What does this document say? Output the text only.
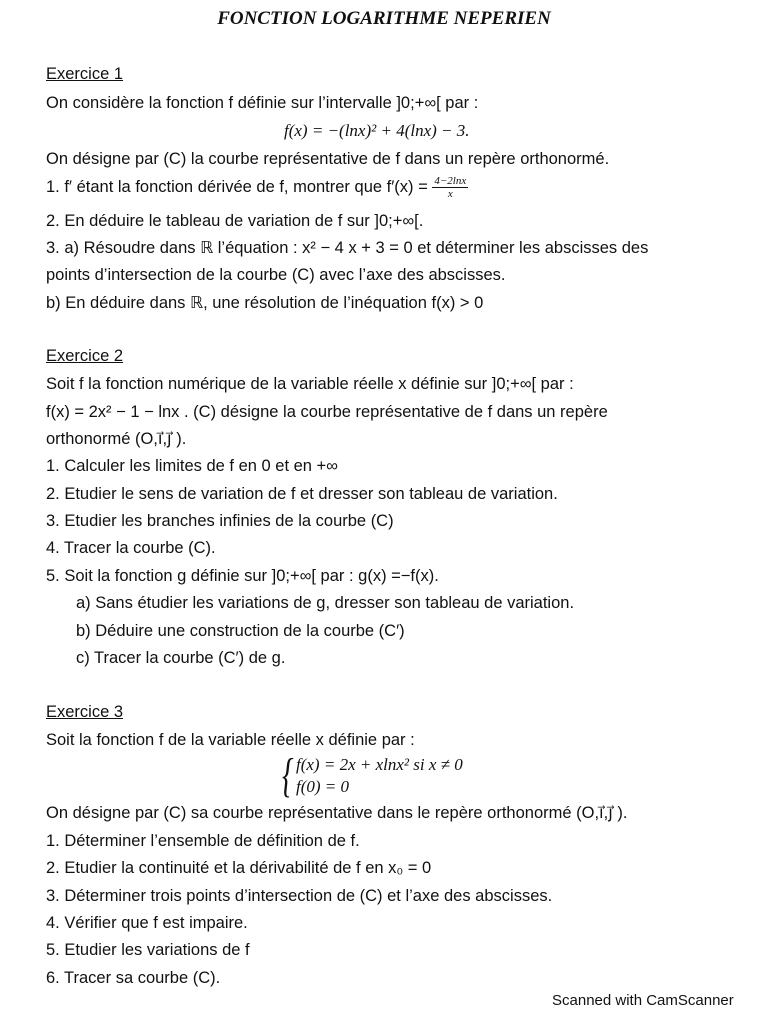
FONCTION LOGARITHME NEPERIEN
Exercice 1
On considère la fonction f définie sur l’intervalle ]0;+∞[ par :
f(x) = −(lnx)² + 4(lnx) − 3.
On désigne par (C) la courbe représentative de f dans un repère orthonormé.
1. f′ étant la fonction dérivée de f, montrer que $f'(x) = \frac{4-2\ln x}{x}$
2. En déduire le tableau de variation de f sur ]0;+∞[.
3. a) Résoudre dans ℝ l’équation : x² − 4 x + 3 = 0 et déterminer les abscisses des
points d’intersection de la courbe (C) avec l’axe des abscisses.
b) En déduire dans ℝ, une résolution de l’inéquation f(x) > 0
Exercice 2
Soit f la fonction numérique de la variable réelle x définie sur ]0;+∞[ par :
f(x) = 2x² − 1 − lnx . (C) désigne la courbe représentative de f dans un repère
orthonormé (O,i⃗,j⃗ ).
1. Calculer les limites de f en 0 et en +∞
2. Etudier le sens de variation de f et dresser son tableau de variation.
3. Etudier les branches infinies de la courbe (C)
4. Tracer la courbe (C).
5. Soit la fonction g définie sur ]0;+∞[ par : g(x) =−f(x).
a) Sans étudier les variations de g, dresser son tableau de variation.
b) Déduire une construction de la courbe (C′)
c) Tracer la courbe (C′) de g.
Exercice 3
Soit la fonction f de la variable réelle x définie par :
{ f(x) = 2x + xlnx² si x ≠ 0
f(0) = 0
On désigne par (C) sa courbe représentative dans le repère orthonormé (O,i⃗,j⃗ ).
1. Déterminer l’ensemble de définition de f.
2. Etudier la continuité et la dérivabilité de f en x₀ = 0
3. Déterminer trois points d’intersection de (C) et l’axe des abscisses.
4. Vérifier que f est impaire.
5. Etudier les variations de f
6. Tracer sa courbe (C).
Scanned with CamScanner
